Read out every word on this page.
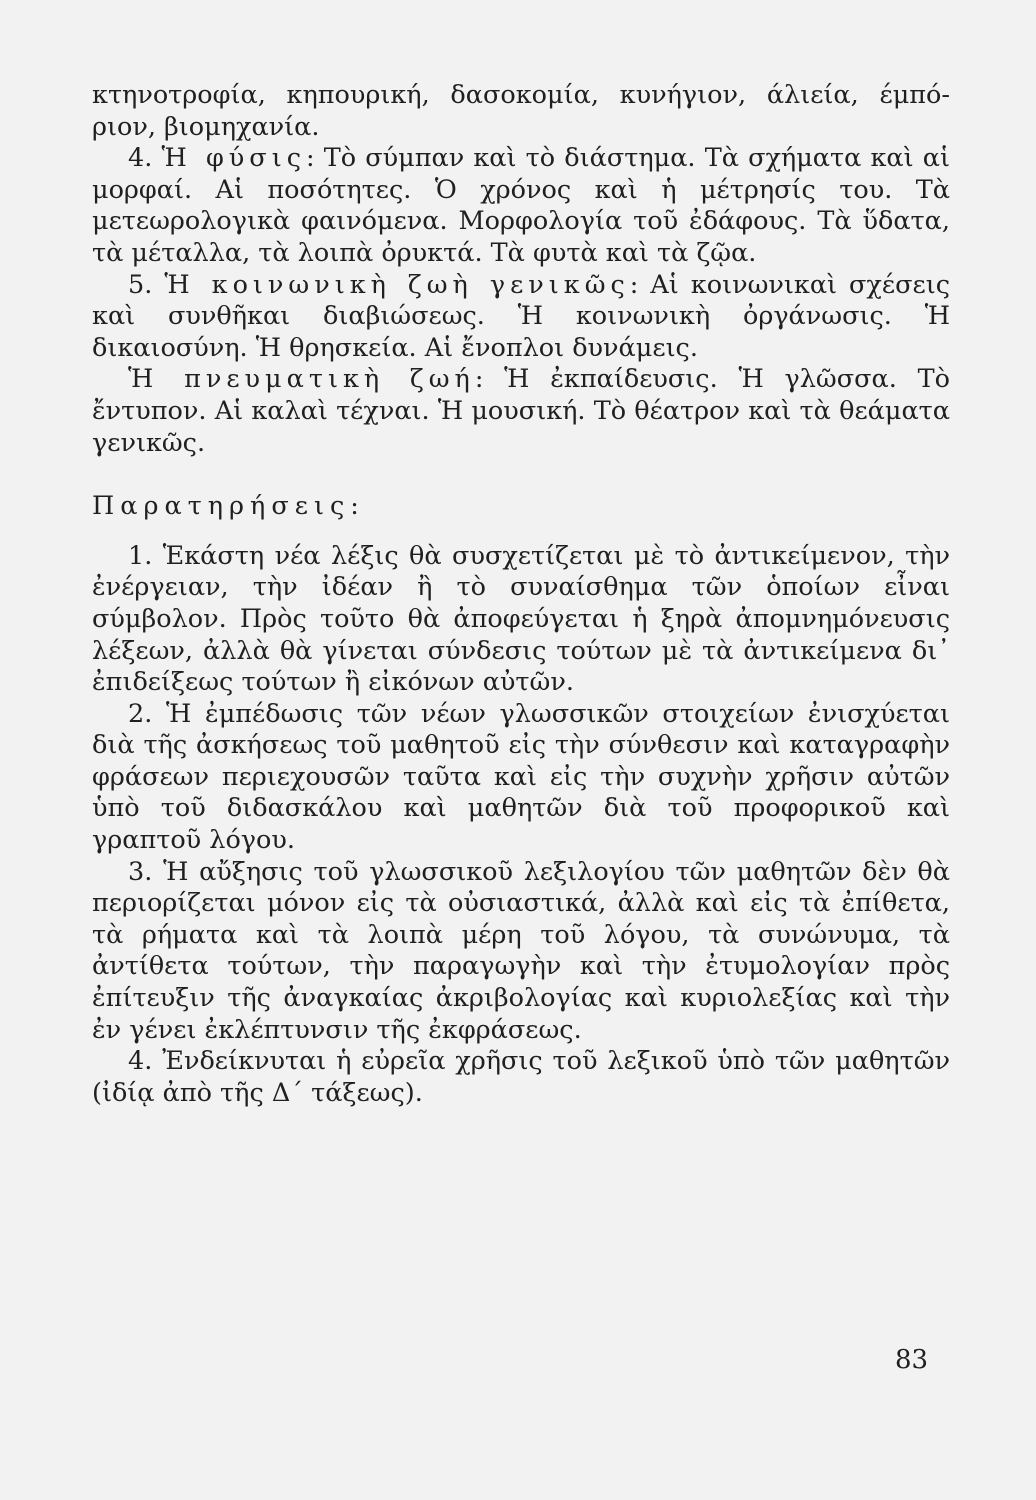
κτηνοτροφία, κηπουρική, δασοκομία, κυνήγιον, άλιεία, έμπό-ριον, βιομηχανία.

4. Ἡ φύσις: Τὸ σύμπαν καὶ τὸ διάστημα. Τὰ σχήματα καὶ αἱ μορφαί. Αἱ ποσότητες. Ὁ χρόνος καὶ ἡ μέτρησίς του. Τὰ μετεωρολογικὰ φαινόμενα. Μορφολογία τοῦ ἐδάφους. Τὰ ὕδατα, τὰ μέταλλα, τὰ λοιπὰ ὀρυκτά. Τὰ φυτὰ καὶ τὰ ζῷα.

5. Ἡ κοινωνικὴ ζωὴ γενικῶς: Αἱ κοινωνικαὶ σχέσεις καὶ συνθῆκαι διαβιώσεως. Ἡ κοινωνικὴ ὀργάνωσις. Ἡ δικαιοσύνη. Ἡ θρησκεία. Αἱ ἔνοπλοι δυνάμεις.

Ἡ πνευματικὴ ζωή: Ἡ ἐκπαίδευσις. Ἡ γλῶσσα. Τὸ ἔντυπον. Αἱ καλαὶ τέχναι. Ἡ μουσική. Τὸ θέατρον καὶ τὰ θεάματα γενικῶς.

Παρατηρήσεις:

1. Ἑκάστη νέα λέξις θὰ συσχετίζεται μὲ τὸ ἀντικείμενον, τὴν ἐνέργειαν, τὴν ἰδέαν ἢ τὸ συναίσθημα τῶν ὁποίων εἶναι σύμβολον. Πρὸς τοῦτο θὰ ἀποφεύγεται ἡ ξηρὰ ἀπομνημόνευσις λέξεων, ἀλλὰ θὰ γίνεται σύνδεσις τούτων μὲ τὰ ἀντικείμενα δι᾽ ἐπιδείξεως τούτων ἢ εἰκόνων αὐτῶν.

2. Ἡ ἐμπέδωσις τῶν νέων γλωσσικῶν στοιχείων ἐνισχύεται διὰ τῆς ἀσκήσεως τοῦ μαθητοῦ εἰς τὴν σύνθεσιν καὶ καταγραφὴν φράσεων περιεχουσῶν ταῦτα καὶ εἰς τὴν συχνὴν χρῆσιν αὐτῶν ὑπὸ τοῦ διδασκάλου καὶ μαθητῶν διὰ τοῦ προφορικοῦ καὶ γραπτοῦ λόγου.

3. Ἡ αὔξησις τοῦ γλωσσικοῦ λεξιλογίου τῶν μαθητῶν δὲν θὰ περιορίζεται μόνον εἰς τὰ οὐσιαστικά, ἀλλὰ καὶ εἰς τὰ ἐπίθετα, τὰ ρήματα καὶ τὰ λοιπὰ μέρη τοῦ λόγου, τὰ συνώνυμα, τὰ ἀντίθετα τούτων, τὴν παραγωγὴν καὶ τὴν ἐτυμολογίαν πρὸς ἐπίτευξιν τῆς ἀναγκαίας ἀκριβολογίας καὶ κυριολεξίας καὶ τὴν ἐν γένει ἐκλέπτυνσιν τῆς ἐκφράσεως.

4. Ἐνδείκνυται ἡ εὐρεῖα χρῆσις τοῦ λεξικοῦ ὑπὸ τῶν μαθητῶν (ἰδίᾳ ἀπὸ τῆς Δ΄ τάξεως).

83
